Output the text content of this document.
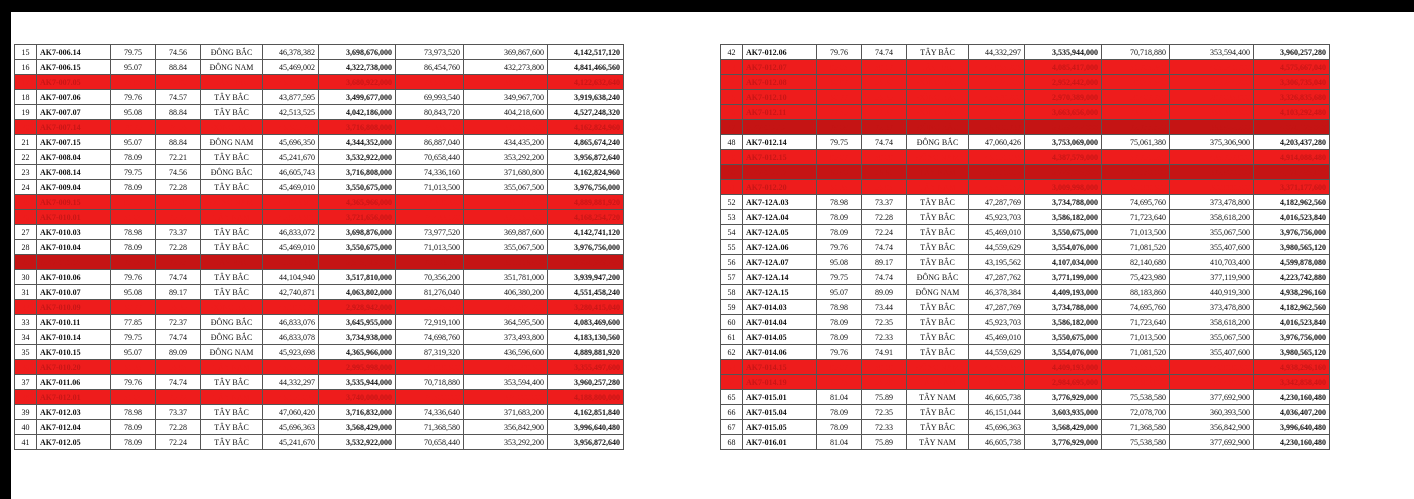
15	AK7-006.14	79.75	74.56	ĐÔNG BẮC	46,378,382	3,698,676,000	73,973,520	369,867,600	4,142,517,120
16	AK7-006.15	95.07	88.84	ĐÔNG NAM	45,469,002	4,322,738,000	86,454,760	432,273,800	4,841,466,560
17	AK7-007.05	78.98	72.90	TÂY BẮC	46,605,748	3,680,922,000	73,618,440	368,092,200	4,122,632,640
18	AK7-007.06	79.76	74.57	TÂY BẮC	43,877,595	3,499,677,000	69,993,540	349,967,700	3,919,638,240
19	AK7-007.07	95.08	88.84	TÂY BẮC	42,513,525	4,042,186,000	80,843,720	404,218,600	4,527,248,320
20	AK7-007.14	79.75	74.56	ĐÔNG BẮC	46,605,743	3,716,808,000	74,336,160	371,680,800	4,162,824,960
21	AK7-007.15	95.07	88.84	ĐÔNG NAM	45,696,350	4,344,352,000	86,887,040	434,435,200	4,865,674,240
22	AK7-008.04	78.09	72.21	TÂY BẮC	45,241,670	3,532,922,000	70,658,440	353,292,200	3,956,872,640
23	AK7-008.14	79.75	74.56	ĐÔNG BẮC	46,605,743	3,716,808,000	74,336,160	371,680,800	4,162,824,960
24	AK7-009.04	78.09	72.28	TÂY BẮC	45,469,010	3,550,675,000	71,013,500	355,067,500	3,976,756,000
25	AK7-009.15	95.07	89.09	ĐÔNG NAM	45,923,698	4,365,966,000	87,319,320	436,596,600	4,889,881,920
26	AK7-010.01	81.04	75.72	TÂY NAM	45,923,691	3,721,656,000	74,433,120	372,165,600	4,168,254,720
27	AK7-010.03	78.98	73.37	TÂY BẮC	46,833,072	3,698,876,000	73,977,520	369,887,600	4,142,741,120
28	AK7-010.04	78.09	72.28	TÂY BẮC	45,469,010	3,550,675,000	71,013,500	355,067,500	3,976,756,000
29	AK7-010.05	78.09	72.28	TÂY BẮC	45,014,330	3,515,169,000	70,303,380	351,516,900	3,936,989,280
30	AK7-010.06	79.76	74.74	TÂY BẮC	44,104,940	3,517,810,000	70,356,200	351,781,000	3,939,947,200
31	AK7-010.07	95.08	89.17	TÂY BẮC	42,740,871	4,063,802,000	81,276,040	406,380,200	4,551,458,240
32	AK7-010.09	60.77	56.35	ĐÔNG BẮC	48,197,170	2,928,942,000	58,578,840	292,894,200	3,280,415,040
33	AK7-010.11	77.85	72.37	ĐÔNG BẮC	46,833,076	3,645,955,000	72,919,100	364,595,500	4,083,469,600
34	AK7-010.14	79.75	74.74	ĐÔNG BẮC	46,833,078	3,734,938,000	74,698,760	373,493,800	4,183,130,560
35	AK7-010.15	95.07	89.09	ĐÔNG NAM	45,923,698	4,365,966,000	87,319,320	436,596,600	4,889,881,920
36	AK7-010.20	61.38	56.98	TÂY NAM	48,651,825	2,995,998,000	59,919,600	299,599,600	3,355,497,600
37	AK7-011.06	79.76	74.74	TÂY BẮC	44,332,297	3,535,944,000	70,718,880	353,594,400	3,960,257,280
38	AK7-012.01	81.04	75.72	TÂY NAM	46,151,037	3,740,000,000	74,800,000	374,000,000	4,188,800,000
39	AK7-012.03	78.98	73.37	TÂY BẮC	47,060,420	3,716,832,000	74,336,640	371,683,200	4,162,851,840
40	AK7-012.04	78.09	72.28	TÂY BẮC	45,696,363	3,568,429,000	71,368,580	356,842,900	3,996,640,480
41	AK7-012.05	78.09	72.24	TÂY BẮC	45,241,670	3,532,922,000	70,658,440	353,292,200	3,956,872,640
42	AK7-012.06	79.76	74.74	TÂY BẮC	44,332,297	3,535,944,000	70,718,880	353,594,400	3,960,257,280
43	AK7-012.07	95.08	89.17	TÂY BẮC	42,968,206	4,085,417,000	81,708,340	408,541,700	4,575,667,040
44	AK7-012.08	60.97	56.30	ĐÔNG BẮC	48,424,508	2,952,442,000	59,048,840	295,244,200	3,306,735,040
45	AK7-012.10	60.77	56.35	ĐÔNG BẮC	48,879,200	2,970,389,000	59,407,780	297,038,900	3,326,835,680
46	AK7-012.11	77.85	72.37	ĐÔNG BẮC	47,060,424	3,663,656,000	73,273,120	366,365,600	4,103,292,480
47	AK7-012.12	79.09	72.37	ĐÔNG BẮC	46,605,737	3,639,442,000	72,788,840	363,944,200	4,076,175,040
48	AK7-012.14	79.75	74.74	ĐÔNG BẮC	47,060,426	3,753,069,000	75,061,380	375,306,900	4,203,437,280
49	AK7-012.15	95.07	89.09	ĐÔNG NAM	46,151,036	4,387,579,000	87,751,580	438,757,900	4,914,088,480
50	AK7-012.17	60.90	56.61	TÂY NAM	48,151,052	3,729,005,000	74,580,100	372,900,500	4,176,485,600
51	AK7-012.20	61.38	56.98	TÂY NAM	48,879,182	3,009,998,000	60,199,600	300,999,800	3,371,177,600
52	AK7-12A.03	78.98	73.37	TÂY BẮC	47,287,769	3,734,788,000	74,695,760	373,478,800	4,182,962,560
53	AK7-12A.04	78.09	72.28	TÂY BẮC	45,923,703	3,586,182,000	71,723,640	358,618,200	4,016,523,840
54	AK7-12A.05	78.09	72.24	TÂY BẮC	45,469,010	3,550,675,000	71,013,500	355,067,500	3,976,756,000
55	AK7-12A.06	79.76	74.74	TÂY BẮC	44,559,629	3,554,076,000	71,081,520	355,407,600	3,980,565,120
56	AK7-12A.07	95.08	89.17	TÂY BẮC	43,195,562	4,107,034,000	82,140,680	410,703,400	4,599,878,080
57	AK7-12A.14	79.75	74.74	ĐÔNG BẮC	47,287,762	3,771,199,000	75,423,980	377,119,900	4,223,742,880
58	AK7-12A.15	95.07	89.09	ĐÔNG NAM	46,378,384	4,409,193,000	88,183,860	440,919,300	4,938,296,160
59	AK7-014.03	78.98	73.44	TÂY BẮC	47,287,769	3,734,788,000	74,695,760	373,478,800	4,182,962,560
60	AK7-014.04	78.09	72.35	TÂY BẮC	45,923,703	3,586,182,000	71,723,640	358,618,200	4,016,523,840
61	AK7-014.05	78.09	72.33	TÂY BẮC	45,469,010	3,550,675,000	71,013,500	355,067,500	3,976,756,000
62	AK7-014.06	79.76	74.91	TÂY BẮC	44,559,629	3,554,076,000	71,081,520	355,407,600	3,980,565,120
63	AK7-014.15	95.07	89.19	ĐÔNG NAM	46,378,384	4,409,193,000	88,183,860	440,919,300	4,938,296,160
64	AK7-014.19	60.78	56.29	TÂY NAM	49,106,525	2,984,695,000	59,693,900	298,469,500	3,342,858,400
65	AK7-015.01	81.04	75.89	TÂY NAM	46,605,738	3,776,929,000	75,538,580	377,692,900	4,230,160,480
66	AK7-015.04	78.09	72.35	TÂY BẮC	46,151,044	3,603,935,000	72,078,700	360,393,500	4,036,407,200
67	AK7-015.05	78.09	72.33	TÂY BẮC	45,696,363	3,568,429,000	71,368,580	356,842,900	3,996,640,480
68	AK7-016.01	81.04	75.89	TÂY NAM	46,605,738	3,776,929,000	75,538,580	377,692,900	4,230,160,480
